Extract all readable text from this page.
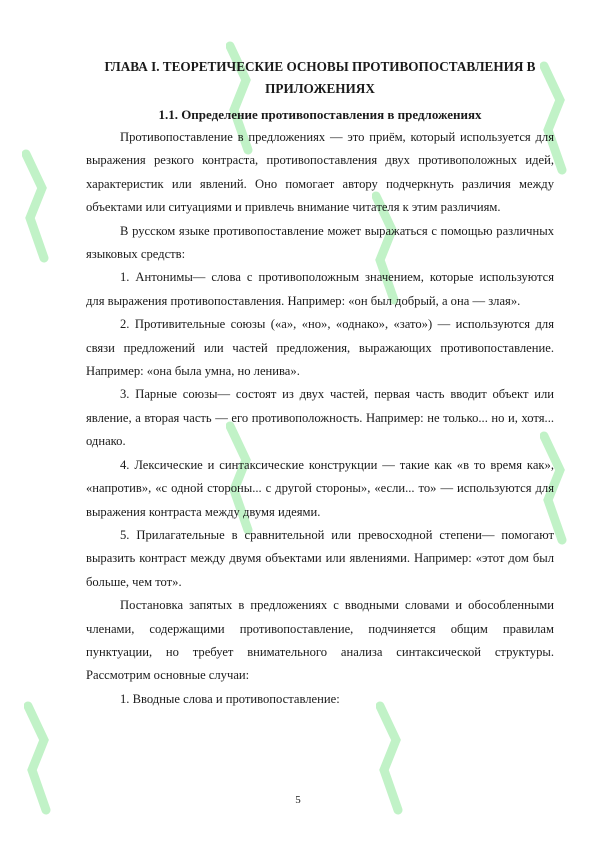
ГЛАВА I. ТЕОРЕТИЧЕСКИЕ ОСНОВЫ ПРОТИВОПОСТАВЛЕНИЯ В ПРИЛОЖЕНИЯХ
1.1. Определение противопоставления в предложениях

Противопоставление в предложениях — это приём, который используется для выражения резкого контраста, противопоставления двух противоположных идей, характеристик или явлений. Оно помогает автору подчеркнуть различия между объектами или ситуациями и привлечь внимание читателя к этим различиям.

В русском языке противопоставление может выражаться с помощью различных языковых средств:

1. Антонимы— слова с противоположным значением, которые используются для выражения противопоставления. Например: «он был добрый, а она — злая».

2. Противительные союзы («а», «но», «однако», «зато») — используются для связи предложений или частей предложения, выражающих противопоставление. Например: «она была умна, но ленива».

3. Парные союзы— состоят из двух частей, первая часть вводит объект или явление, а вторая часть — его противоположность. Например: не только... но и, хотя... однако.

4. Лексические и синтаксические конструкции — такие как «в то время как», «напротив», «с одной стороны... с другой стороны», «если... то» — используются для выражения контраста между двумя идеями.

5. Прилагательные в сравнительной или превосходной степени— помогают выразить контраст между двумя объектами или явлениями. Например: «этот дом был больше, чем тот».

Постановка запятых в предложениях с вводными словами и обособленными членами, содержащими противопоставление, подчиняется общим правилам пунктуации, но требует внимательного анализа синтаксической структуры. Рассмотрим основные случаи:

1. Вводные слова и противопоставление:

5
